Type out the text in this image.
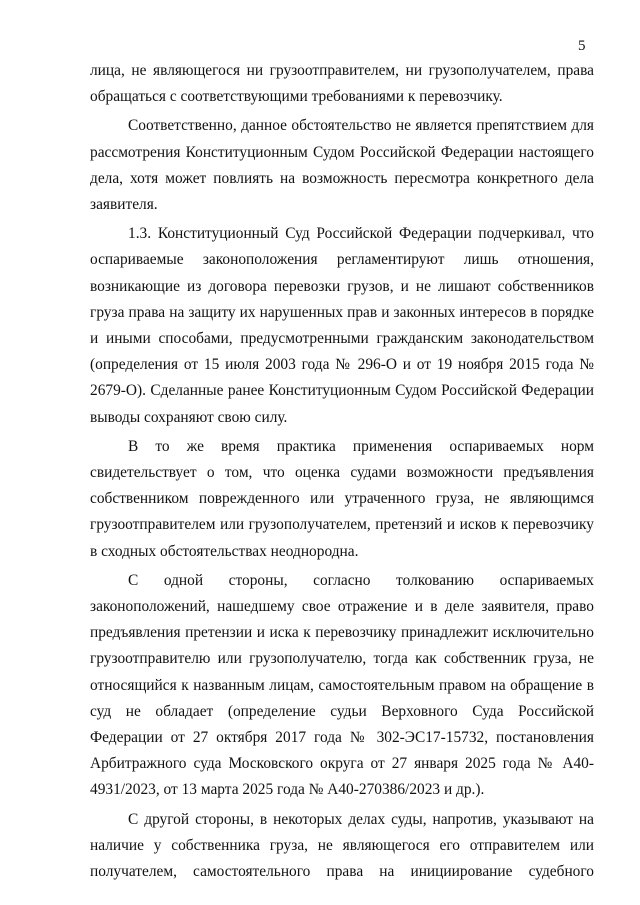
5

лица, не являющегося ни грузоотправителем, ни грузополучателем, права обращаться с соответствующими требованиями к перевозчику.

Соответственно, данное обстоятельство не является препятствием для рассмотрения Конституционным Судом Российской Федерации настоящего дела, хотя может повлиять на возможность пересмотра конкретного дела заявителя.

1.3. Конституционный Суд Российской Федерации подчеркивал, что оспариваемые законоположения регламентируют лишь отношения, возникающие из договора перевозки грузов, и не лишают собственников груза права на защиту их нарушенных прав и законных интересов в порядке и иными способами, предусмотренными гражданским законодательством (определения от 15 июля 2003 года № 296-О и от 19 ноября 2015 года № 2679-О). Сделанные ранее Конституционным Судом Российской Федерации выводы сохраняют свою силу.

В то же время практика применения оспариваемых норм свидетельствует о том, что оценка судами возможности предъявления собственником поврежденного или утраченного груза, не являющимся грузоотправителем или грузополучателем, претензий и исков к перевозчику в сходных обстоятельствах неоднородна.

С одной стороны, согласно толкованию оспариваемых законоположений, нашедшему свое отражение и в деле заявителя, право предъявления претензии и иска к перевозчику принадлежит исключительно грузоотправителю или грузополучателю, тогда как собственник груза, не относящийся к названным лицам, самостоятельным правом на обращение в суд не обладает (определение судьи Верховного Суда Российской Федерации от 27 октября 2017 года № 302-ЭС17-15732, постановления Арбитражного суда Московского округа от 27 января 2025 года № А40-4931/2023, от 13 марта 2025 года № А40-270386/2023 и др.).

С другой стороны, в некоторых делах суды, напротив, указывают на наличие у собственника груза, не являющегося его отправителем или получателем, самостоятельного права на инициирование судебного
